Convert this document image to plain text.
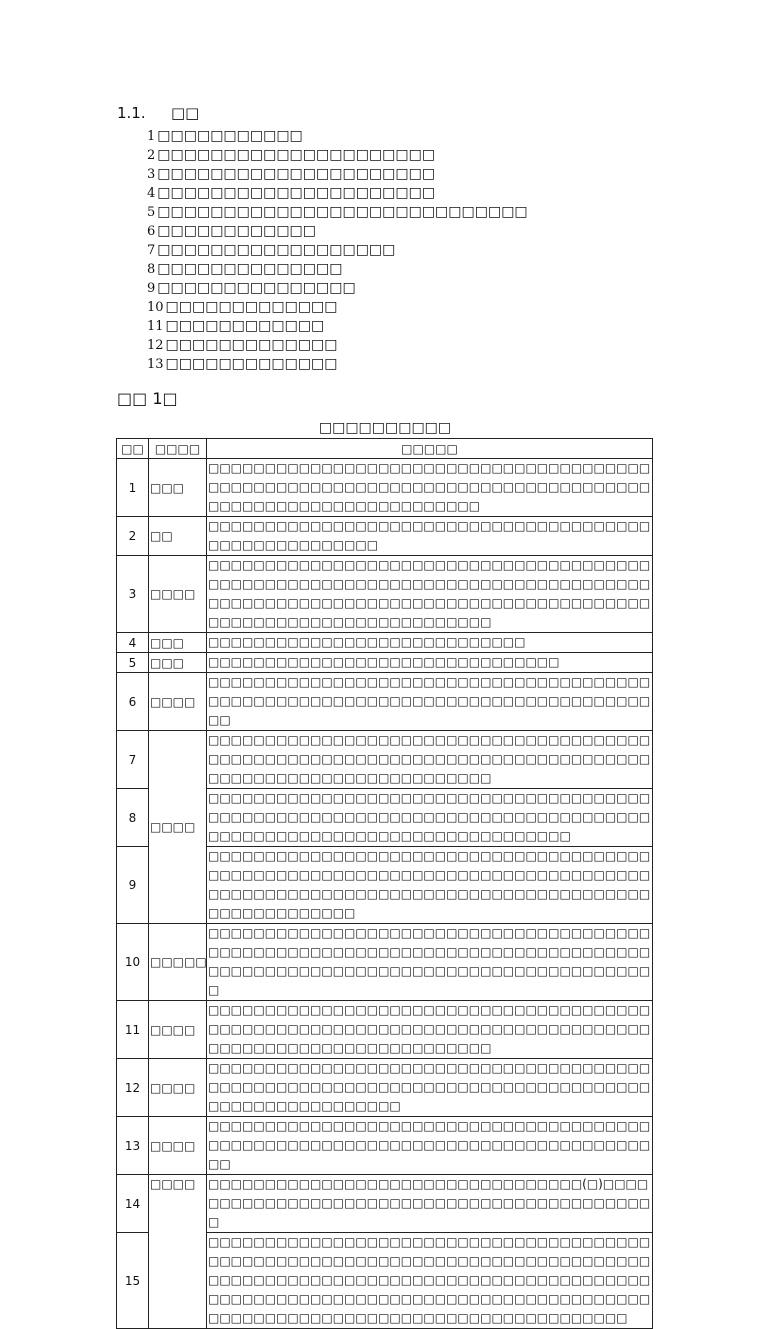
1.1. □□
1 □□□□□□□□□□□
2 □□□□□□□□□□□□□□□□□□□□□
3 □□□□□□□□□□□□□□□□□□□□□
4 □□□□□□□□□□□□□□□□□□□□□
5 □□□□□□□□□□□□□□□□□□□□□□□□□□□□
6 □□□□□□□□□□□□
7 □□□□□□□□□□□□□□□□□□
8 □□□□□□□□□□□□□□
9 □□□□□□□□□□□□□□□
10 □□□□□□□□□□□□□
11 □□□□□□□□□□□□
12 □□□□□□□□□□□□□
13 □□□□□□□□□□□□□
□□ 1□
□□□□□□□□□□
□□	□□□□	□□□□□
1	□□□	□□□□□□□□□□□□□□□□□□□□□□□□□□□□□□□□□□□□□□□□□□□□□□□□□□□□□□□□□□□□□□□□□□□□□□□□□□□□□□□□□□□□□□□□□□□□□□□□□□□□□□
2	□□	□□□□□□□□□□□□□□□□□□□□□□□□□□□□□□□□□□□□□□□□□□□□□□□□□□□□□□
3	□□□□	□□□□□□□□□□□□□□□□□□□□□□□□□□□□□□□□□□□□□□□□□□□□□□□□□□□□□□□□□□□□□□□□□□□□□□□□□□□□□□□□□□□□□□□□□□□□□□□□□□□□□□□□□□□□□□□□□□□□□□□□□□□□□□□□□□□□□□□□□□□□□□
4	□□□	□□□□□□□□□□□□□□□□□□□□□□□□□□□□
5	□□□	□□□□□□□□□□□□□□□□□□□□□□□□□□□□□□□
6	□□□□	□□□□□□□□□□□□□□□□□□□□□□□□□□□□□□□□□□□□□□□□□□□□□□□□□□□□□□□□□□□□□□□□□□□□□□□□□□□□□□□□
7	□□□□	□□□□□□□□□□□□□□□□□□□□□□□□□□□□□□□□□□□□□□□□□□□□□□□□□□□□□□□□□□□□□□□□□□□□□□□□□□□□□□□□□□□□□□□□□□□□□□□□□□□□□□□
8		□□□□□□□□□□□□□□□□□□□□□□□□□□□□□□□□□□□□□□□□□□□□□□□□□□□□□□□□□□□□□□□□□□□□□□□□□□□□□□□□□□□□□□□□□□□□□□□□□□□□□□□□□□□□□□
9		□□□□□□□□□□□□□□□□□□□□□□□□□□□□□□□□□□□□□□□□□□□□□□□□□□□□□□□□□□□□□□□□□□□□□□□□□□□□□□□□□□□□□□□□□□□□□□□□□□□□□□□□□□□□□□□□□□□□□□□□□□□□□□□□□□
10	□□□□□	□□□□□□□□□□□□□□□□□□□□□□□□□□□□□□□□□□□□□□□□□□□□□□□□□□□□□□□□□□□□□□□□□□□□□□□□□□□□□□□□□□□□□□□□□□□□□□□□□□□□□□□□□□□□□□□□□□□□□□
11	□□□□	□□□□□□□□□□□□□□□□□□□□□□□□□□□□□□□□□□□□□□□□□□□□□□□□□□□□□□□□□□□□□□□□□□□□□□□□□□□□□□□□□□□□□□□□□□□□□□□□□□□□□□□
12	□□□□	□□□□□□□□□□□□□□□□□□□□□□□□□□□□□□□□□□□□□□□□□□□□□□□□□□□□□□□□□□□□□□□□□□□□□□□□□□□□□□□□□□□□□□□□□□□□□□□
13	□□□□	□□□□□□□□□□□□□□□□□□□□□□□□□□□□□□□□□□□□□□□□□□□□□□□□□□□□□□□□□□□□□□□□□□□□□□□□□□□□□□□□
14	□□□□	□□□□□□□□□□□□□□□□□□□□□□□□□□□□□□□□□(□)□□□□□□□□□□□□□□□□□□□□□□□□□□□□□□□□□□□□□□□□□□□□
15		□□□□□□□□□□□□□□□□□□□□□□□□□□□□□□□□□□□□□□□□□□□□□□□□□□□□□□□□□□□□□□□□□□□□□□□□□□□□□□□□□□□□□□□□□□□□□□□□□□□□□□□□□□□□□□□□□□□□□□□□□□□□□□□□□□□□□□□□□□□□□□□□□□□□□□□□□□□□□□□□□□□□□□□□□□□□□□□□□□□□□□□□□□□□□□□□□
